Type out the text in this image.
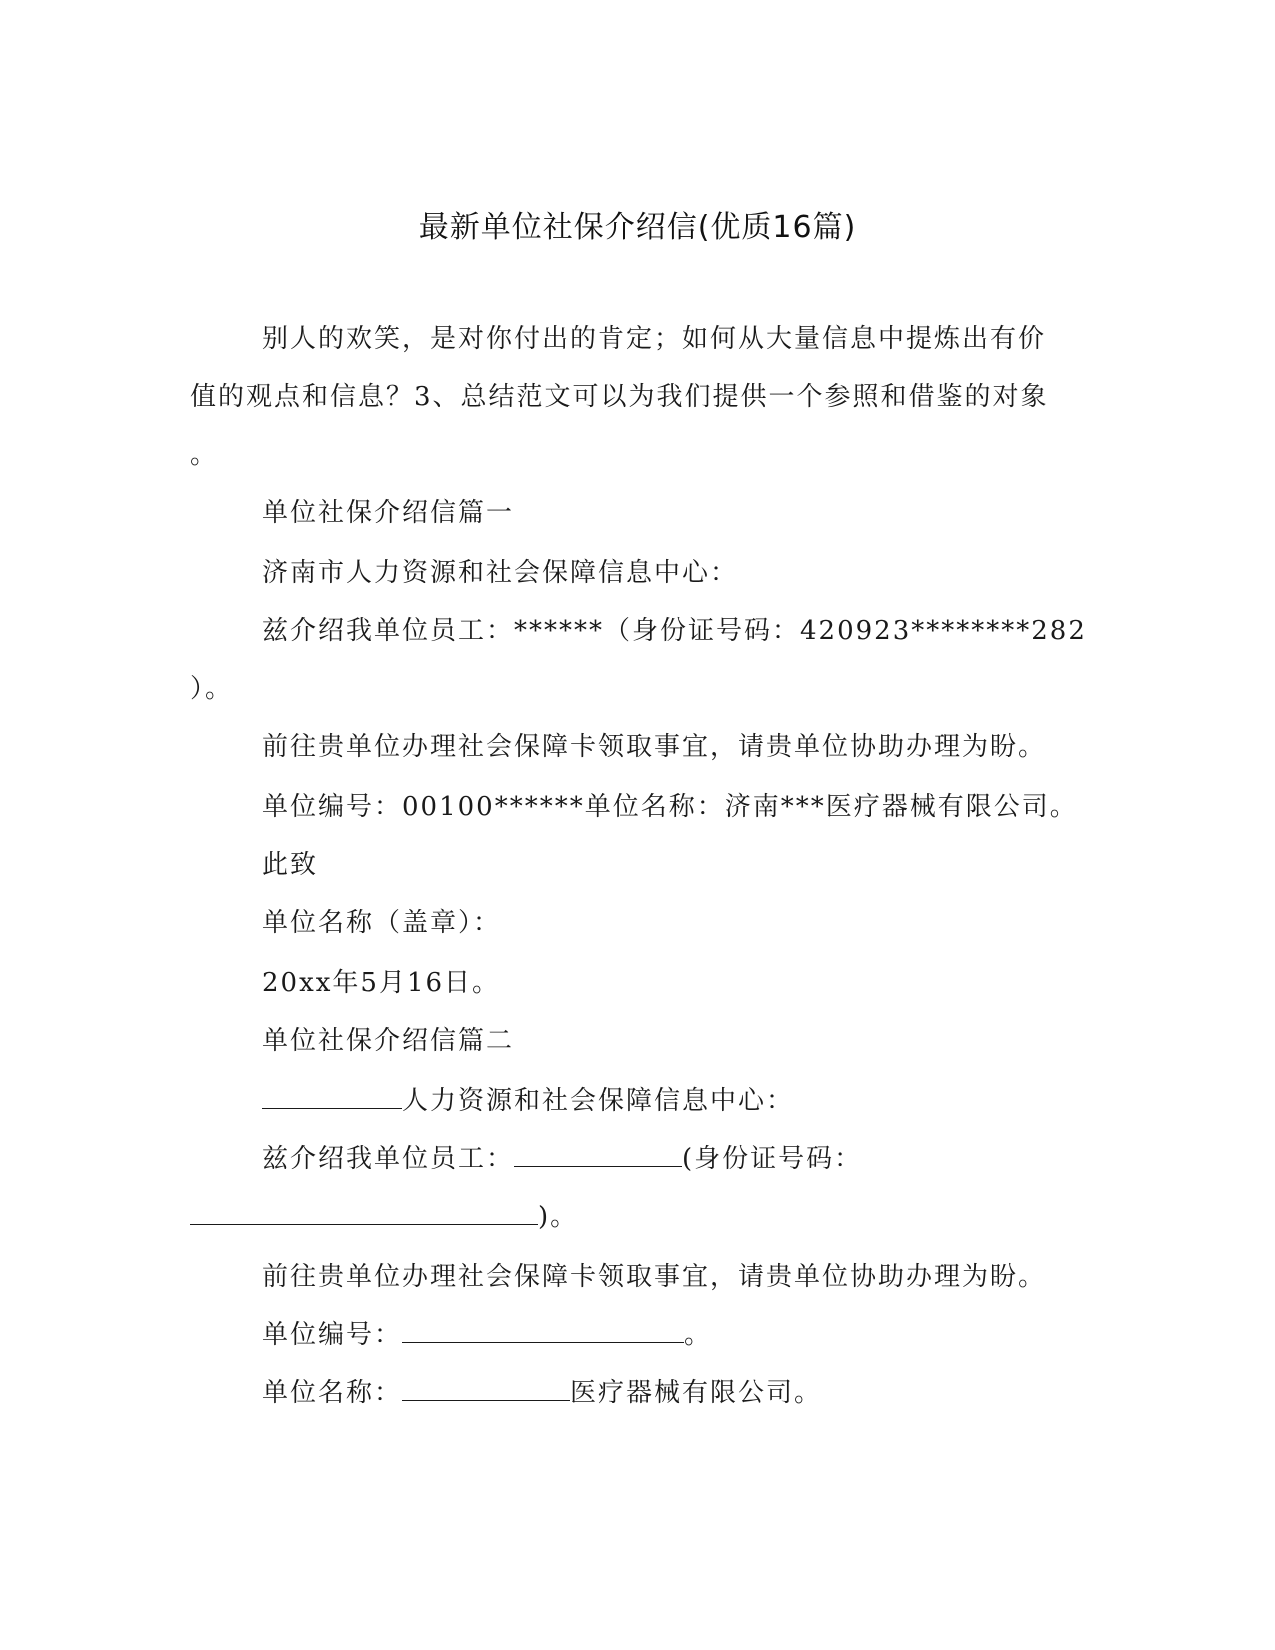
最新单位社保介绍信(优质16篇)
别人的欢笑，是对你付出的肯定；如何从大量信息中提炼出有价
值的观点和信息？3、总结范文可以为我们提供一个参照和借鉴的对象
。
单位社保介绍信篇一
济南市人力资源和社会保障信息中心：
兹介绍我单位员工：******（身份证号码：420923********282
）。
前往贵单位办理社会保障卡领取事宜，请贵单位协助办理为盼。
单位编号：00100******单位名称：济南***医疗器械有限公司。
此致
单位名称（盖章）：
20xx年5月16日。
单位社保介绍信篇二
人力资源和社会保障信息中心：
兹介绍我单位员工：	(身份证号码：
)。
前往贵单位办理社会保障卡领取事宜，请贵单位协助办理为盼。
单位编号：	。
单位名称：	医疗器械有限公司。
